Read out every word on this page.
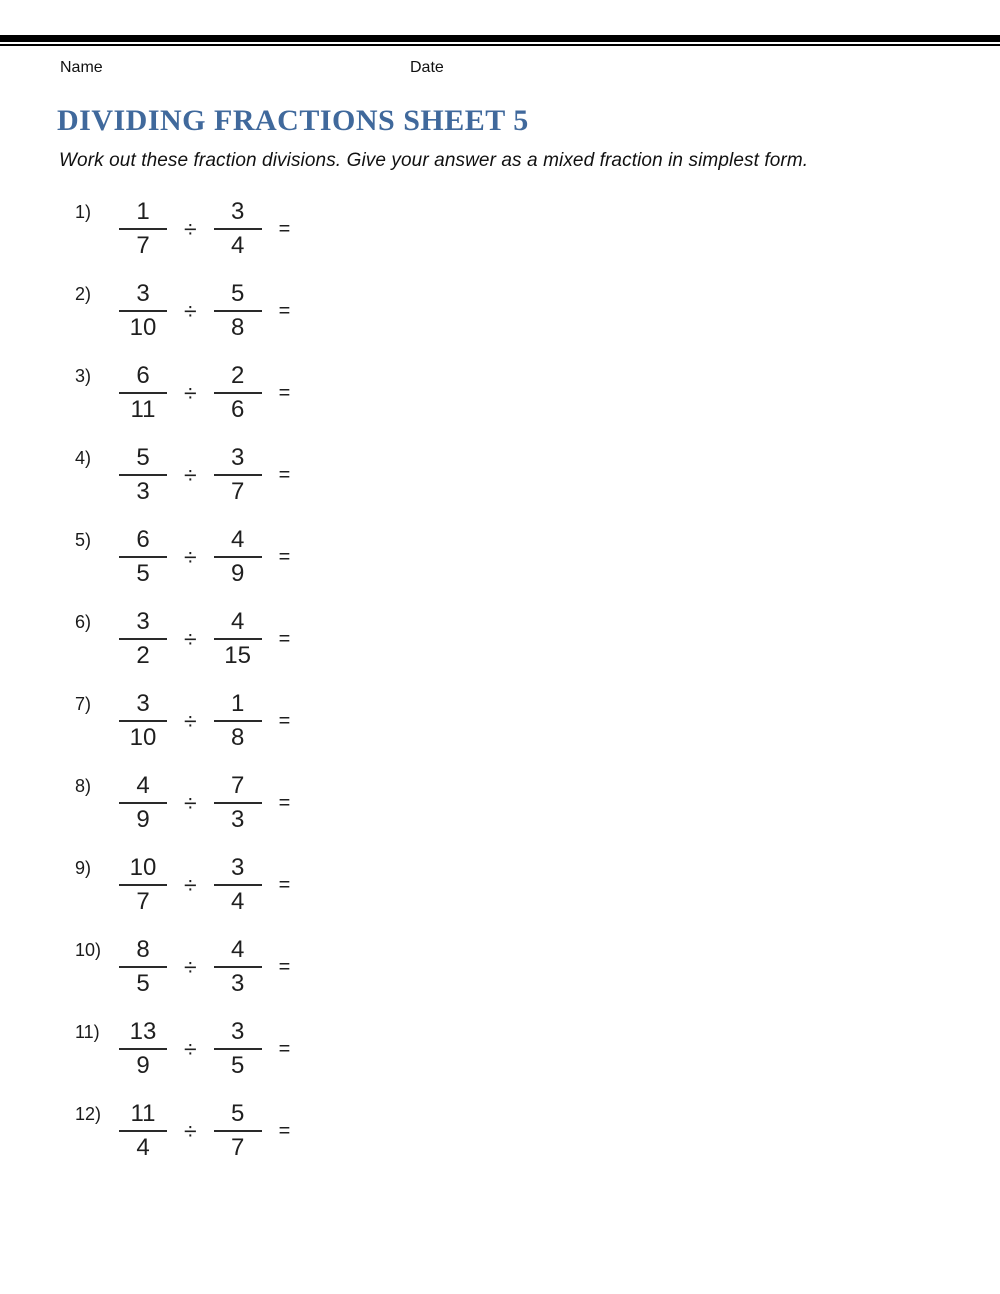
Name	Date
DIVIDING FRACTIONS SHEET 5

Work out these fraction divisions. Give your answer as a mixed fraction in simplest form.

1)	$\frac{1}{7} \div \frac{3}{4}$ =
2)	$\frac{3}{10} \div \frac{5}{8}$ =
3)	$\frac{6}{11} \div \frac{2}{6}$ =
4)	$\frac{5}{3} \div \frac{3}{7}$ =
5)	$\frac{6}{5} \div \frac{4}{9}$ =
6)	$\frac{3}{2} \div \frac{4}{15}$ =
7)	$\frac{3}{10} \div \frac{1}{8}$ =
8)	$\frac{4}{9} \div \frac{7}{3}$ =
9)	$\frac{10}{7} \div \frac{3}{4}$ =
$10) \frac{8}{5} \div \frac{4}{3}$ =
$11) \frac{13}{9} \div \frac{3}{5}$ =
$12) \frac{11}{4} \div \frac{5}{7}$ =
